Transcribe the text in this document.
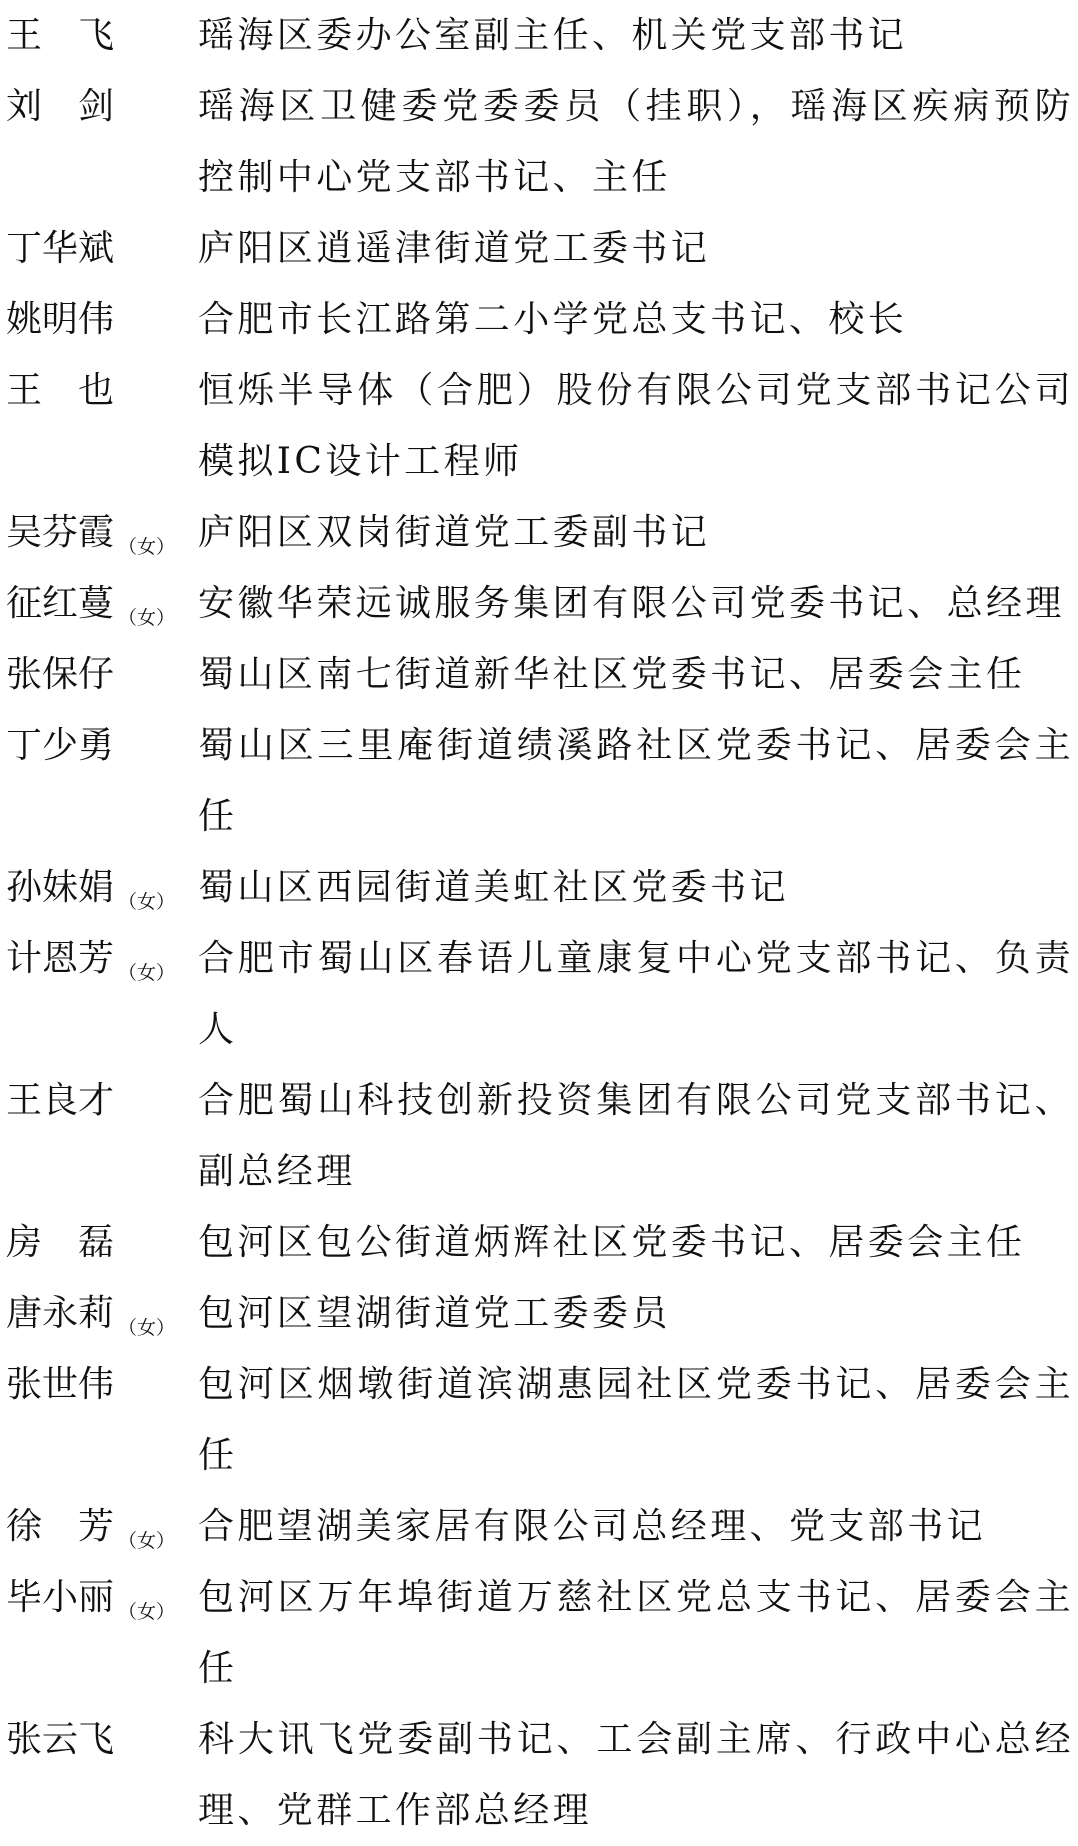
王 飞	瑶海区委办公室副主任、机关党支部书记
刘 剑	瑶海区卫健委党委委员（挂职），瑶海区疾病预防控制中心党支部书记、主任
丁华斌	庐阳区逍遥津街道党工委书记
姚明伟	合肥市长江路第二小学党总支书记、校长
王 也	恒烁半导体（合肥）股份有限公司党支部书记公司模拟IC设计工程师
吴芬霞 $_{(女)}$ 庐阳区双岗街道党工委副书记
征红蔓 $_{(女)}$ 安徽华荣远诚服务集团有限公司党委书记、总经理
张保仔	蜀山区南七街道新华社区党委书记、居委会主任
丁少勇	蜀山区三里庵街道绩溪路社区党委书记、居委会主任
孙妹娟 $_{(女)}$ 蜀山区西园街道美虹社区党委书记
计恩芳 $_{(女)}$ 合肥市蜀山区春语儿童康复中心党支部书记、负责人
王良才	合肥蜀山科技创新投资集团有限公司党支部书记、副总经理
房 磊	包河区包公街道炳辉社区党委书记、居委会主任
唐永莉 $_{(女)}$ 包河区望湖街道党工委委员
张世伟	包河区烟墩街道滨湖惠园社区党委书记、居委会主任
徐 芳 $_{(女)}$ 合肥望湖美家居有限公司总经理、党支部书记
毕小丽 $_{(女)}$ 包河区万年埠街道万慈社区党总支书记、居委会主任
张云飞	科大讯飞党委副书记、工会副主席、行政中心总经理、党群工作部总经理
